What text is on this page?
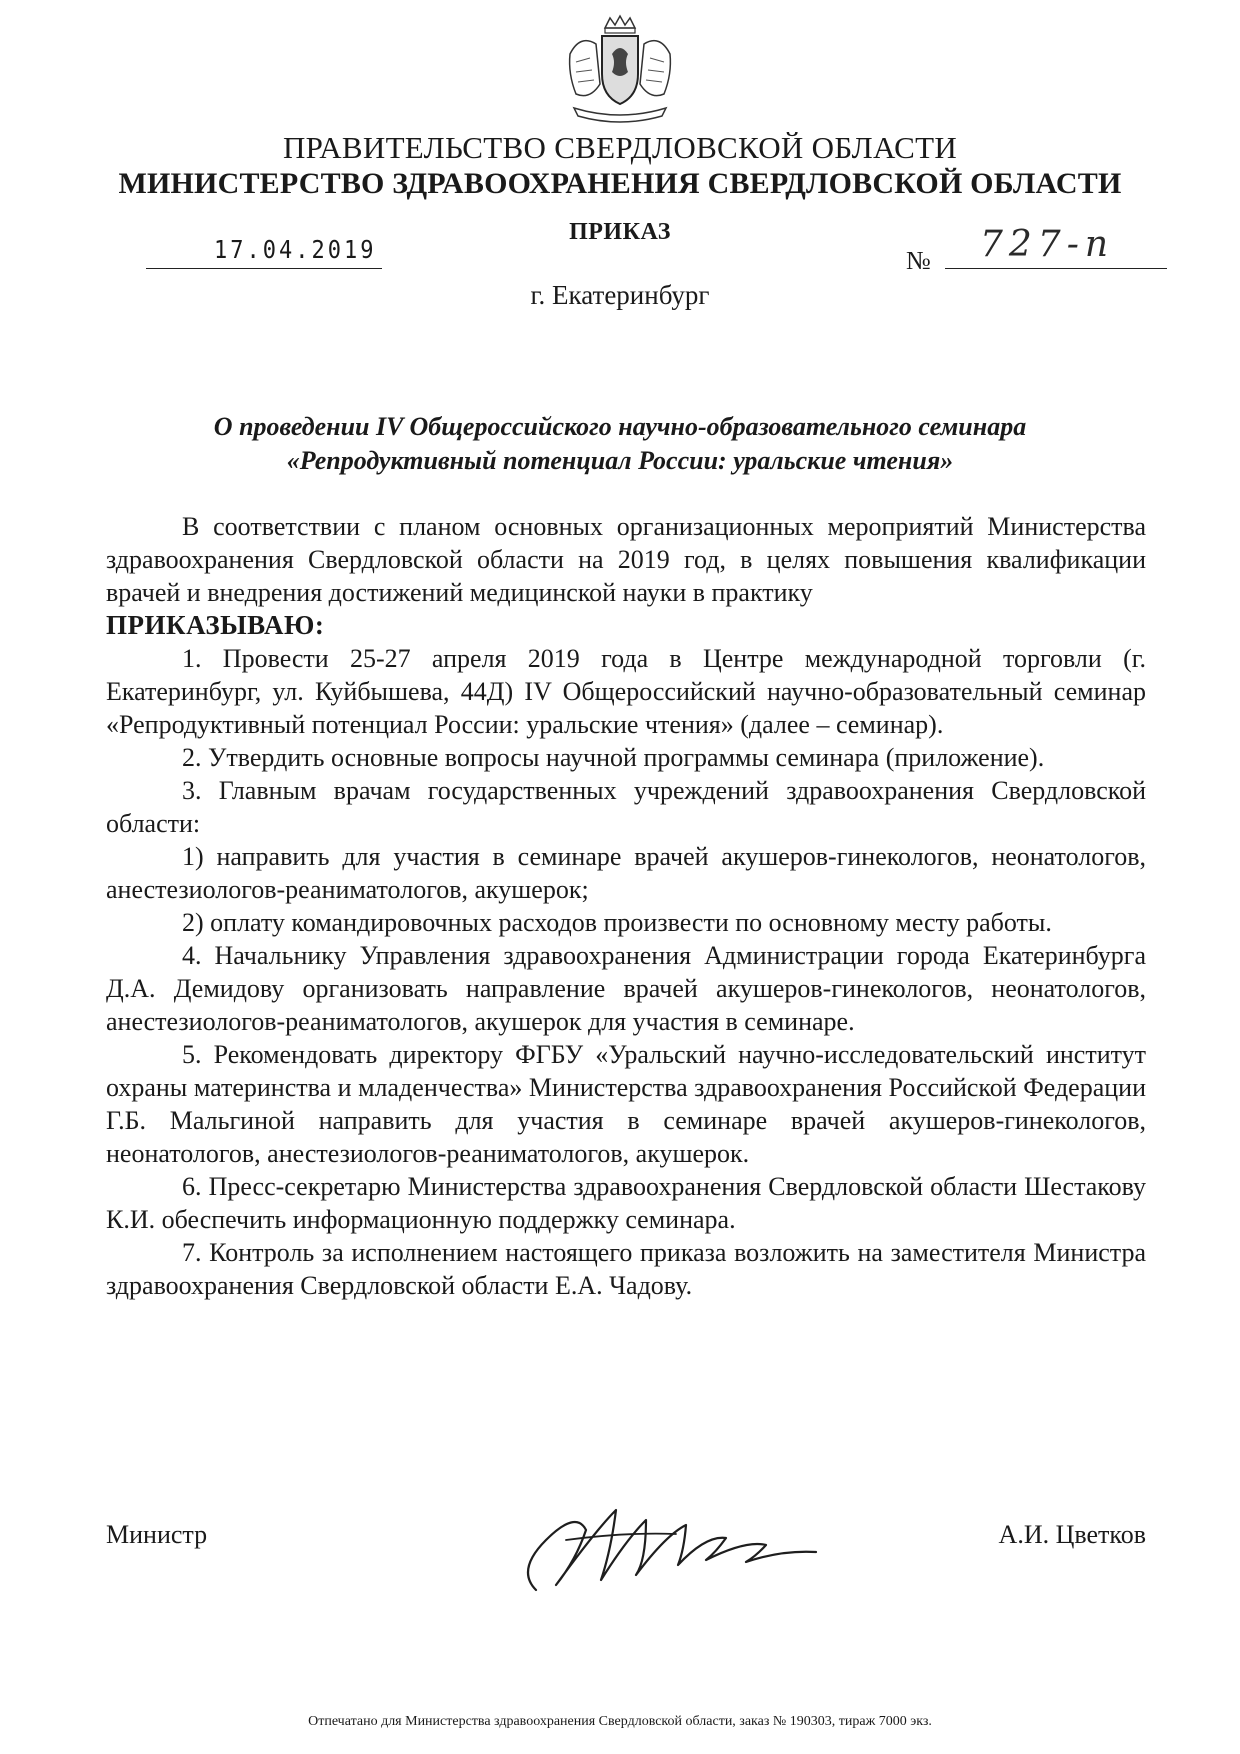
ПРАВИТЕЛЬСТВО СВЕРДЛОВСКОЙ ОБЛАСТИ
МИНИСТЕРСТВО ЗДРАВООХРАНЕНИЯ СВЕРДЛОВСКОЙ ОБЛАСТИ
ПРИКАЗ
17.04.2019	№ 727-п
г. Екатеринбург
О проведении IV Общероссийского научно-образовательного семинара
«Репродуктивный потенциал России: уральские чтения»

В соответствии с планом основных организационных мероприятий Министерства здравоохранения Свердловской области на 2019 год, в целях повышения квалификации врачей и внедрения достижений медицинской науки в практику

ПРИКАЗЫВАЮ:

1. Провести 25-27 апреля 2019 года в Центре международной торговли (г. Екатеринбург, ул. Куйбышева, 44Д) IV Общероссийский научно-образовательный семинар «Репродуктивный потенциал России: уральские чтения» (далее – семинар).

2. Утвердить основные вопросы научной программы семинара (приложение).

3. Главным врачам государственных учреждений здравоохранения Свердловской области:

1) направить для участия в семинаре врачей акушеров-гинекологов, неонатологов, анестезиологов-реаниматологов, акушерок;

2) оплату командировочных расходов произвести по основному месту работы.

4. Начальнику Управления здравоохранения Администрации города Екатеринбурга Д.А. Демидову организовать направление врачей акушеров-гинекологов, неонатологов, анестезиологов-реаниматологов, акушерок для участия в семинаре.

5. Рекомендовать директору ФГБУ «Уральский научно-исследовательский институт охраны материнства и младенчества» Министерства здравоохранения Российской Федерации Г.Б. Мальгиной направить для участия в семинаре врачей акушеров-гинекологов, неонатологов, анестезиологов-реаниматологов, акушерок.

6. Пресс-секретарю Министерства здравоохранения Свердловской области Шестакову К.И. обеспечить информационную поддержку семинара.

7. Контроль за исполнением настоящего приказа возложить на заместителя Министра здравоохранения Свердловской области Е.А. Чадову.

Министр	А.И. Цветков
Отпечатано для Министерства здравоохранения Свердловской области, заказ № 190303, тираж 7000 экз.
